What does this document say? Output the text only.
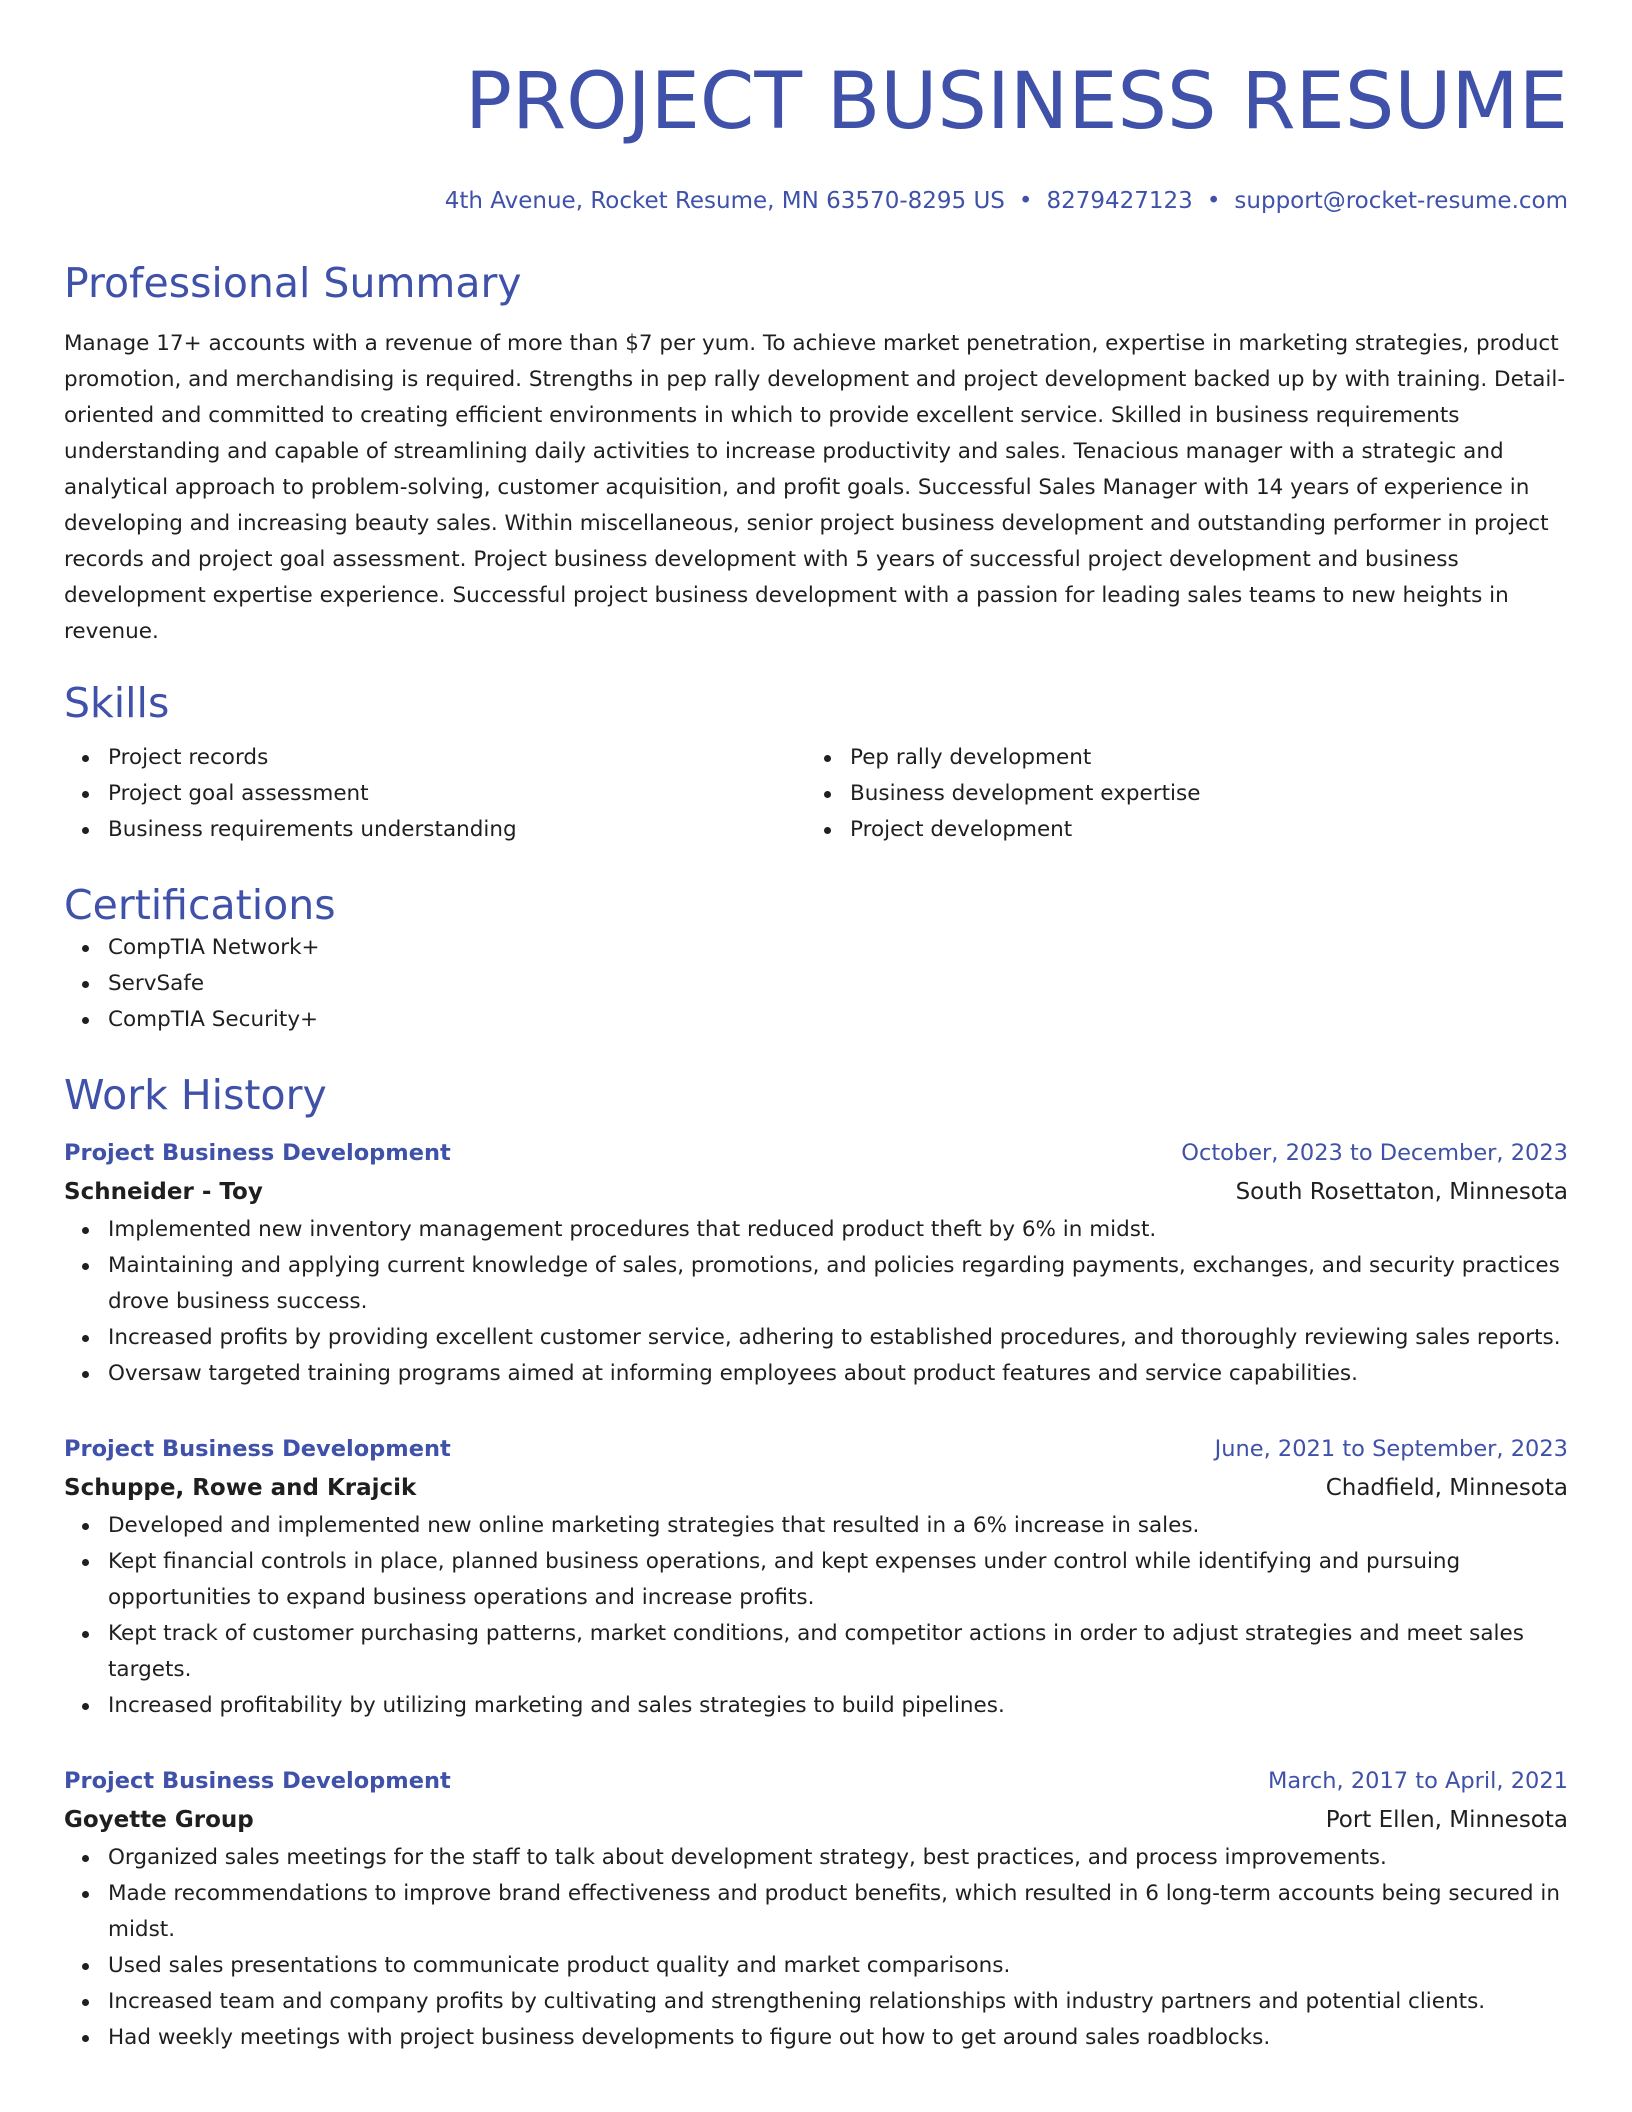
PROJECT BUSINESS RESUME
4th Avenue, Rocket Resume, MN 63570-8295 US • 8279427123 • support@rocket-resume.com
Professional Summary

Manage 17+ accounts with a revenue of more than $7 per yum. To achieve market penetration, expertise in marketing strategies, product promotion, and merchandising is required. Strengths in pep rally development and project development backed up by with training. Detail-oriented and committed to creating efficient environments in which to provide excellent service. Skilled in business requirements understanding and capable of streamlining daily activities to increase productivity and sales. Tenacious manager with a strategic and analytical approach to problem-solving, customer acquisition, and profit goals. Successful Sales Manager with 14 years of experience in developing and increasing beauty sales. Within miscellaneous, senior project business development and outstanding performer in project records and project goal assessment. Project business development with 5 years of successful project development and business development expertise experience. Successful project business development with a passion for leading sales teams to new heights in revenue.

Skills
Project records
Project goal assessment
Business requirements understanding
Pep rally development
Business development expertise
Project development
Certifications
CompTIA Network+
ServSafe
CompTIA Security+
Work History
Project Business Development	October, 2023 to December, 2023
Schneider - Toy	South Rosettaton, Minnesota
Implemented new inventory management procedures that reduced product theft by 6% in midst.
Maintaining and applying current knowledge of sales, promotions, and policies regarding payments, exchanges, and security practices drove business success.
Increased profits by providing excellent customer service, adhering to established procedures, and thoroughly reviewing sales reports.
Oversaw targeted training programs aimed at informing employees about product features and service capabilities.
Project Business Development	June, 2021 to September, 2023
Schuppe, Rowe and Krajcik	Chadfield, Minnesota
Developed and implemented new online marketing strategies that resulted in a 6% increase in sales.
Kept financial controls in place, planned business operations, and kept expenses under control while identifying and pursuing opportunities to expand business operations and increase profits.
Kept track of customer purchasing patterns, market conditions, and competitor actions in order to adjust strategies and meet sales targets.
Increased profitability by utilizing marketing and sales strategies to build pipelines.
Project Business Development	March, 2017 to April, 2021
Goyette Group	Port Ellen, Minnesota
Organized sales meetings for the staff to talk about development strategy, best practices, and process improvements.
Made recommendations to improve brand effectiveness and product benefits, which resulted in 6 long-term accounts being secured in midst.
Used sales presentations to communicate product quality and market comparisons.
Increased team and company profits by cultivating and strengthening relationships with industry partners and potential clients.
Had weekly meetings with project business developments to figure out how to get around sales roadblocks.
